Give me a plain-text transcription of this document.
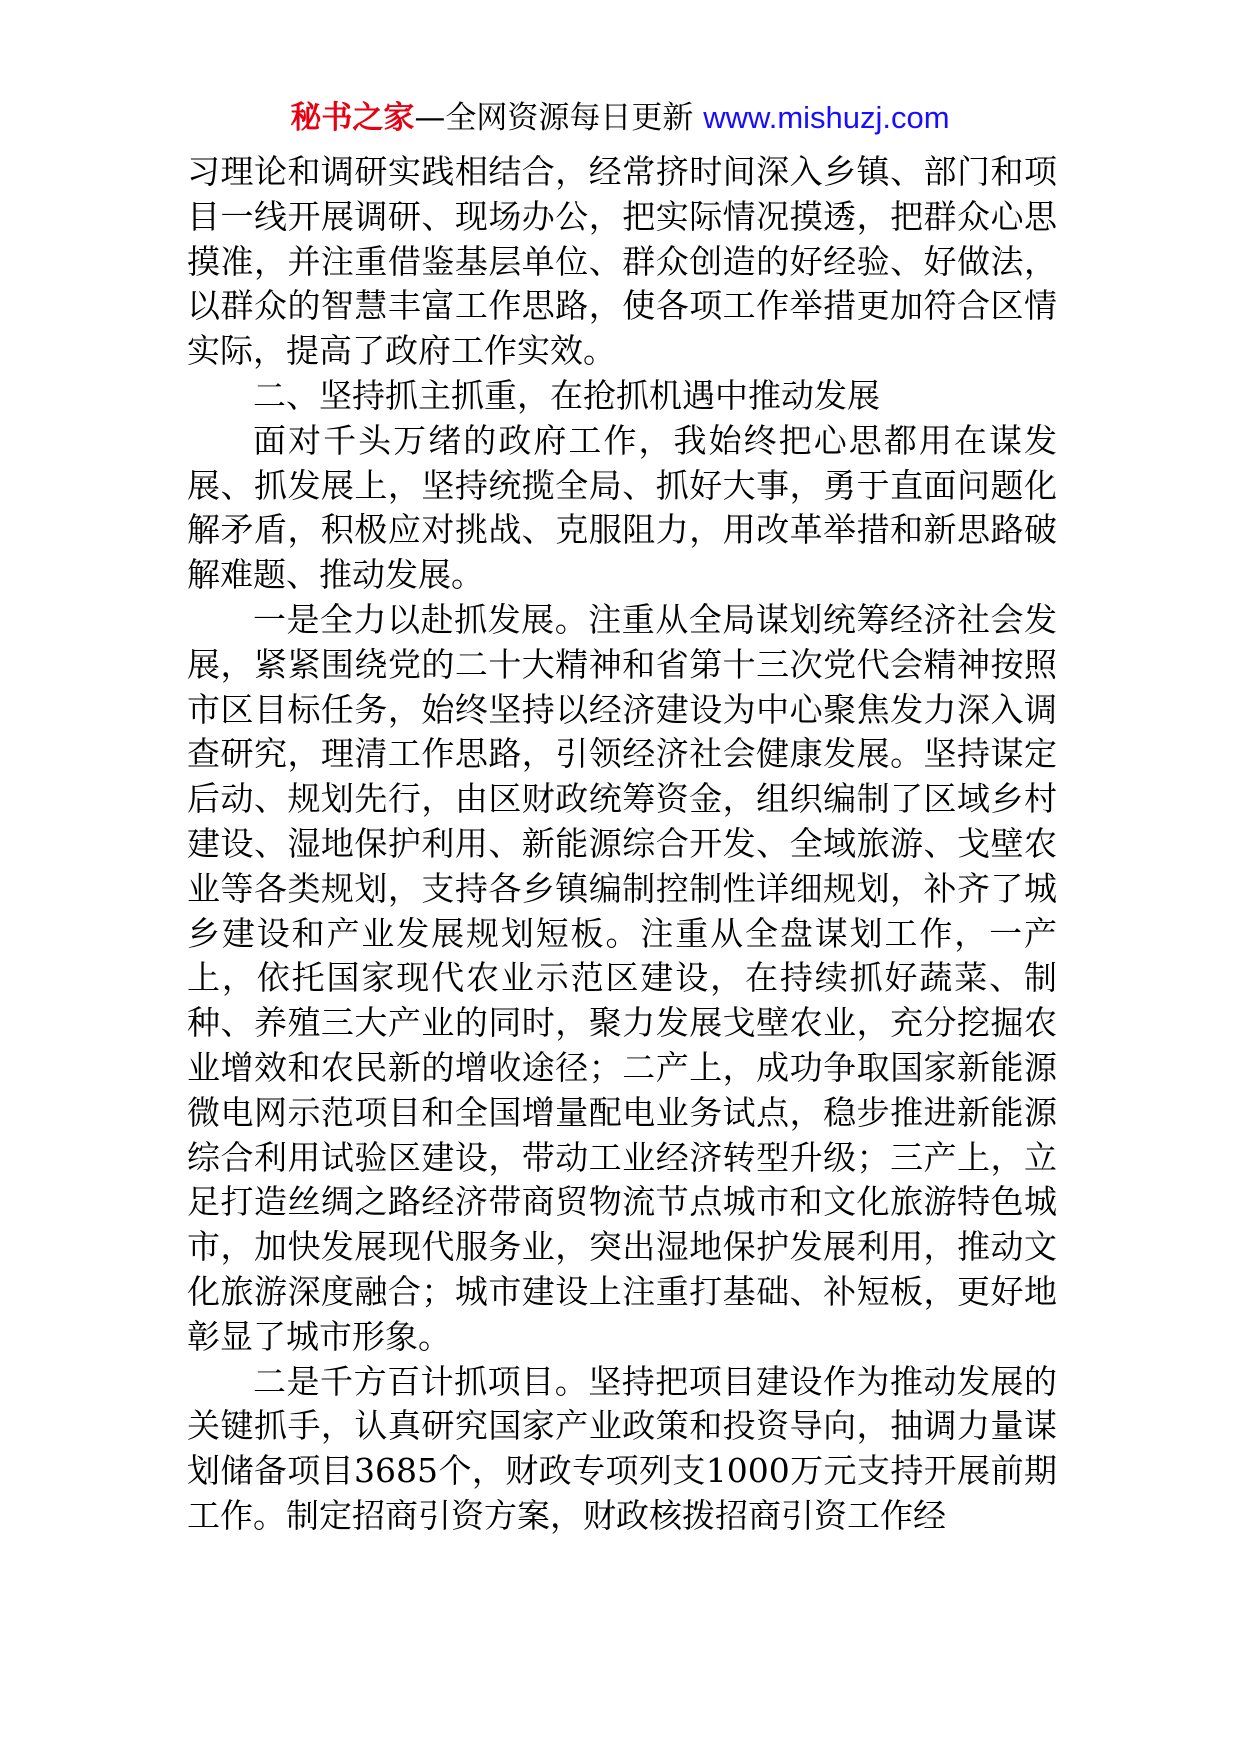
秘书之家—全网资源每日更新 www.mishuzj.com

习理论和调研实践相结合，经常挤时间深入乡镇、部门和项目一线开展调研、现场办公，把实际情况摸透，把群众心思摸准，并注重借鉴基层单位、群众创造的好经验、好做法，以群众的智慧丰富工作思路，使各项工作举措更加符合区情实际，提高了政府工作实效。

二、坚持抓主抓重，在抢抓机遇中推动发展

面对千头万绪的政府工作，我始终把心思都用在谋发展、抓发展上，坚持统揽全局、抓好大事，勇于直面问题化解矛盾，积极应对挑战、克服阻力，用改革举措和新思路破解难题、推动发展。

一是全力以赴抓发展。注重从全局谋划统筹经济社会发展，紧紧围绕党的二十大精神和省第十三次党代会精神按照市区目标任务，始终坚持以经济建设为中心聚焦发力深入调查研究，理清工作思路，引领经济社会健康发展。坚持谋定后动、规划先行，由区财政统筹资金，组织编制了区域乡村建设、湿地保护利用、新能源综合开发、全域旅游、戈壁农业等各类规划，支持各乡镇编制控制性详细规划，补齐了城乡建设和产业发展规划短板。注重从全盘谋划工作，一产上，依托国家现代农业示范区建设，在持续抓好蔬菜、制种、养殖三大产业的同时，聚力发展戈壁农业，充分挖掘农业增效和农民新的增收途径；二产上，成功争取国家新能源微电网示范项目和全国增量配电业务试点，稳步推进新能源综合利用试验区建设，带动工业经济转型升级；三产上，立足打造丝绸之路经济带商贸物流节点城市和文化旅游特色城市，加快发展现代服务业，突出湿地保护发展利用，推动文化旅游深度融合；城市建设上注重打基础、补短板，更好地彰显了城市形象。

二是千方百计抓项目。坚持把项目建设作为推动发展的关键抓手，认真研究国家产业政策和投资导向，抽调力量谋划储备项目3685个，财政专项列支1000万元支持开展前期工作。制定招商引资方案，财政核拨招商引资工作经
